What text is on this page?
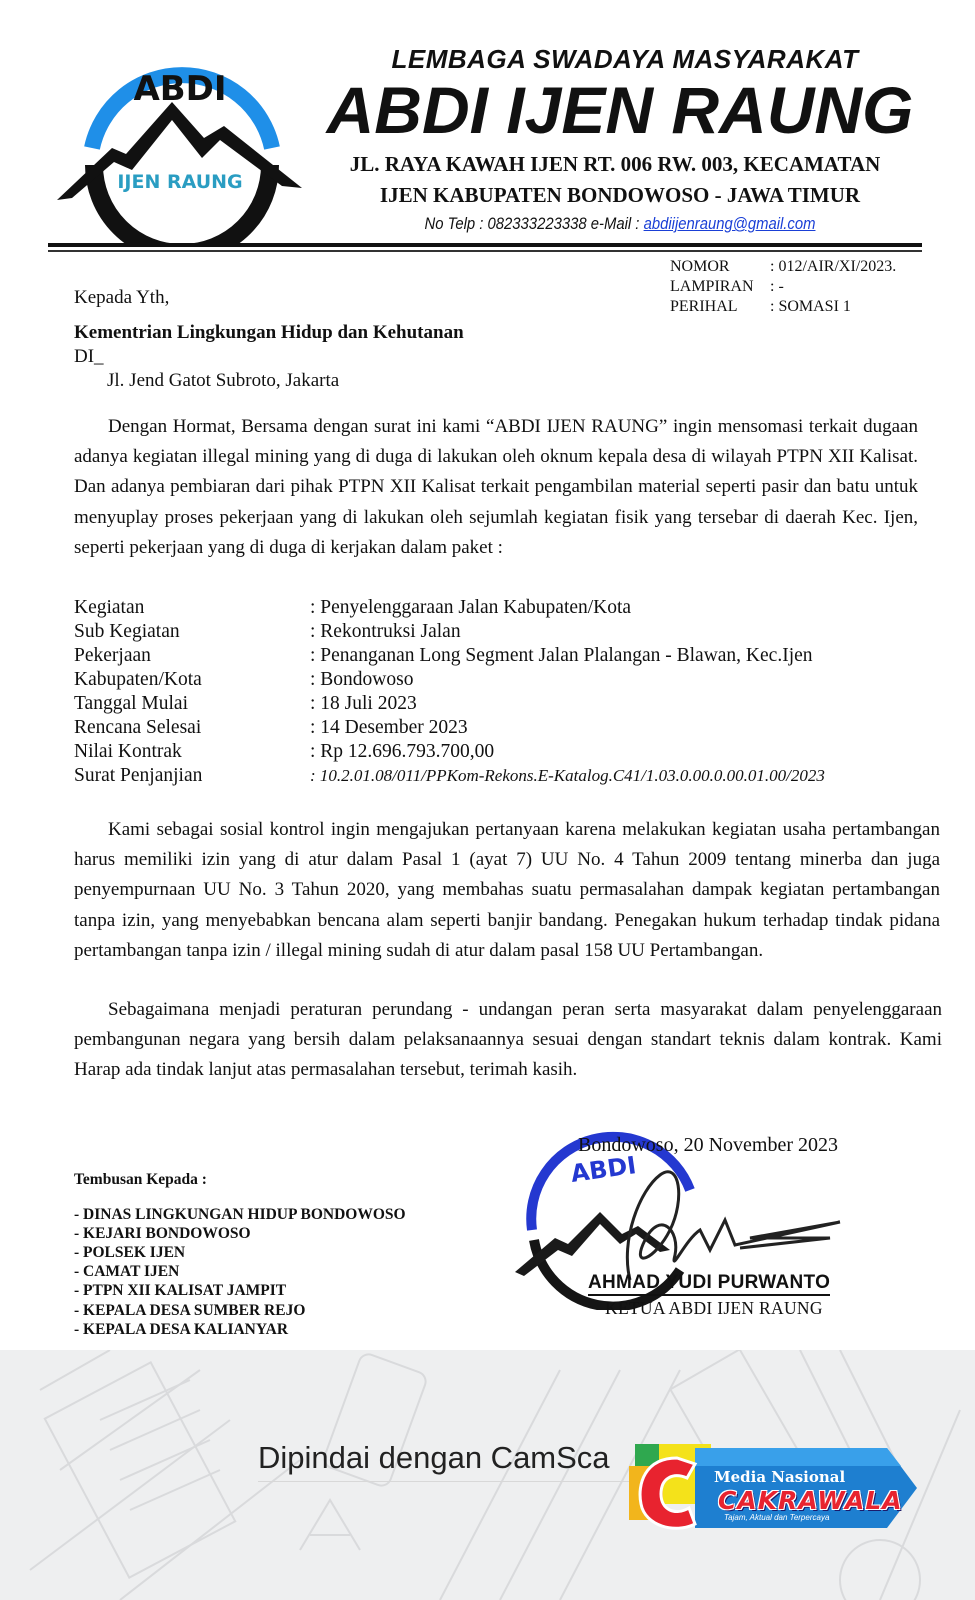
ABDI
IJEN RAUNG
LEMBAGA SWADAYA MASYARAKAT
ABDI IJEN RAUNG
JL. RAYA KAWAH IJEN RT. 006 RW. 003, KECAMATAN
IJEN KABUPATEN BONDOWOSO - JAWA TIMUR
No Telp : 082333223338 e-Mail : abdiijenraung@gmail.com
NOMOR	: 012/AIR/XI/2023.
LAMPIRAN : -
PERIHAL : SOMASI 1
Kepada Yth,
Kementrian Lingkungan Hidup dan Kehutanan
DI_
Jl. Jend Gatot Subroto, Jakarta
Dengan Hormat, Bersama dengan surat ini kami “ABDI IJEN RAUNG” ingin mensomasi terkait dugaan adanya kegiatan illegal mining yang di duga di lakukan oleh oknum kepala desa di wilayah PTPN XII Kalisat. Dan adanya pembiaran dari pihak PTPN XII Kalisat terkait pengambilan material seperti pasir dan batu untuk menyuplay proses pekerjaan yang di lakukan oleh sejumlah kegiatan fisik yang tersebar di daerah Kec. Ijen, seperti pekerjaan yang di duga di kerjakan dalam paket :
Kegiatan	: Penyelenggaraan Jalan Kabupaten/Kota
Sub Kegiatan	: Rekontruksi Jalan
Pekerjaan	: Penanganan Long Segment Jalan Plalangan - Blawan, Kec.Ijen
Kabupaten/Kota	: Bondowoso
Tanggal Mulai	: 18 Juli 2023
Rencana Selesai	: 14 Desember 2023
Nilai Kontrak	: Rp 12.696.793.700,00
Surat Penjanjian	: 10.2.01.08/011/PPKom-Rekons.E-Katalog.C41/1.03.0.00.0.00.01.00/2023
Kami sebagai sosial kontrol ingin mengajukan pertanyaan karena melakukan kegiatan usaha pertambangan harus memiliki izin yang di atur dalam Pasal 1 (ayat 7) UU No. 4 Tahun 2009 tentang minerba dan juga penyempurnaan UU No. 3 Tahun 2020, yang membahas suatu permasalahan dampak kegiatan pertambangan tanpa izin, yang menyebabkan bencana alam seperti banjir bandang. Penegakan hukum terhadap tindak pidana pertambangan tanpa izin / illegal mining sudah di atur dalam pasal 158 UU Pertambangan.
Sebagaimana menjadi peraturan perundang - undangan peran serta masyarakat dalam penyelenggaraan pembangunan negara yang bersih dalam pelaksanaannya sesuai dengan standart teknis dalam kontrak. Kami Harap ada tindak lanjut atas permasalahan tersebut, terimah kasih.
Tembusan Kepada :
- DINAS LINGKUNGAN HIDUP BONDOWOSO
- KEJARI BONDOWOSO
- POLSEK IJEN
- CAMAT IJEN
- PTPN XII KALISAT JAMPIT
- KEPALA DESA SUMBER REJO
- KEPALA DESA KALIANYAR
ABDI
Bondowoso, 20 November 2023
AHMAD YUDI PURWANTO
KETUA ABDI IJEN RAUNG
Dipindai dengan CamSca
Media Nasional
CAKRAWALA
Tajam, Aktual dan Terpercaya
